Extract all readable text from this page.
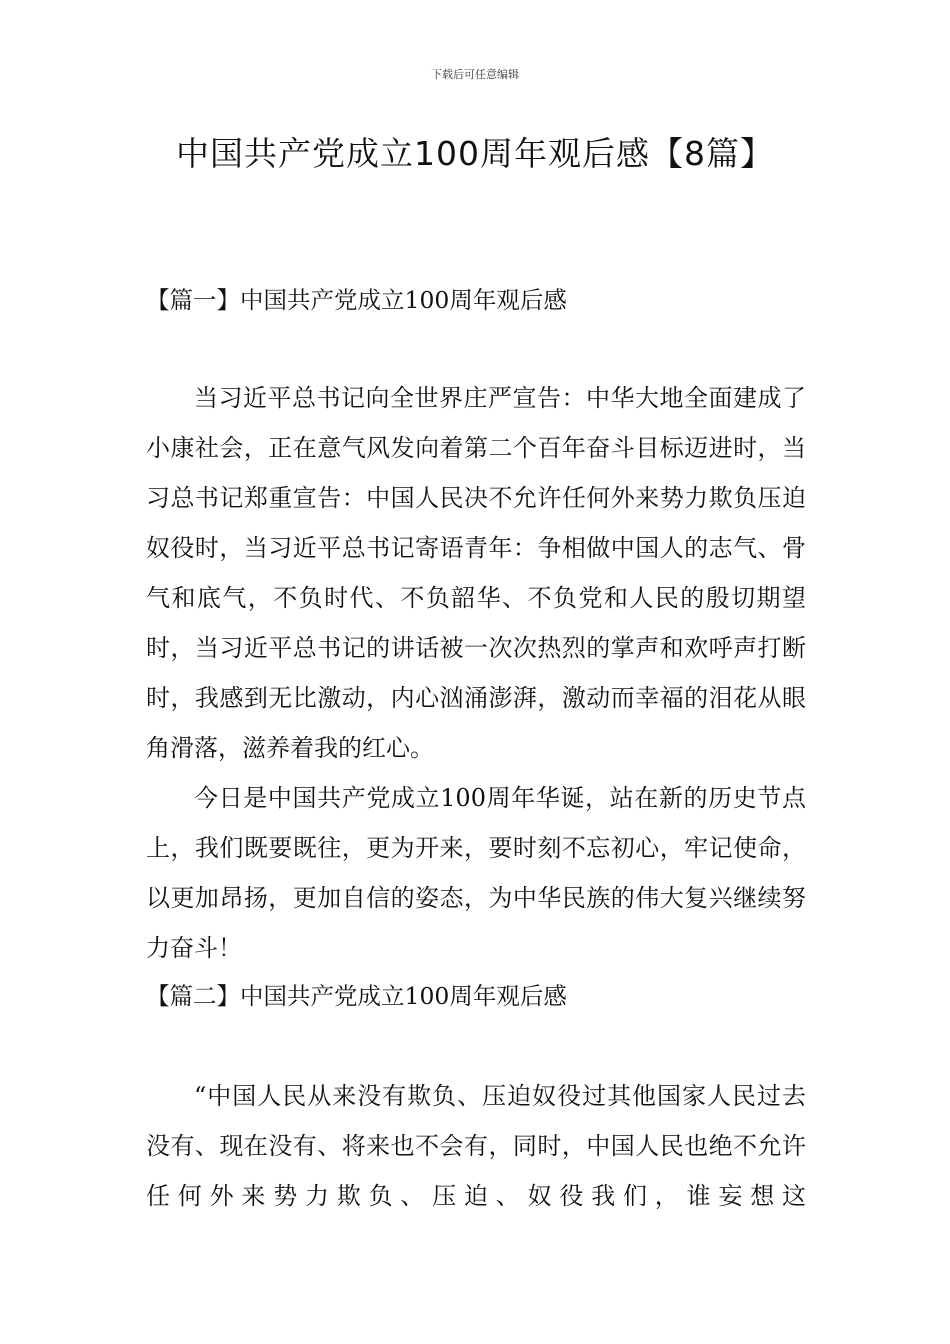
下载后可任意编辑
中国共产党成立100周年观后感【8篇】
【篇一】中国共产党成立100周年观后感

当习近平总书记向全世界庄严宣告：中华大地全面建成了小康社会，正在意气风发向着第二个百年奋斗目标迈进时，当习总书记郑重宣告：中国人民决不允许任何外来势力欺负压迫奴役时，当习近平总书记寄语青年：争相做中国人的志气、骨气和底气，不负时代、不负韶华、不负党和人民的殷切期望时，当习近平总书记的讲话被一次次热烈的掌声和欢呼声打断时，我感到无比激动，内心汹涌澎湃，激动而幸福的泪花从眼角滑落，滋养着我的红心。

今日是中国共产党成立100周年华诞，站在新的历史节点上，我们既要既往，更为开来，要时刻不忘初心，牢记使命，以更加昂扬，更加自信的姿态，为中华民族的伟大复兴继续努力奋斗！

【篇二】中国共产党成立100周年观后感

“中国人民从来没有欺负、压迫奴役过其他国家人民过去没有、现在没有、将来也不会有，同时，中国人民也绝不允许任何外来势力欺负、压迫、奴役我们，谁妄想这
